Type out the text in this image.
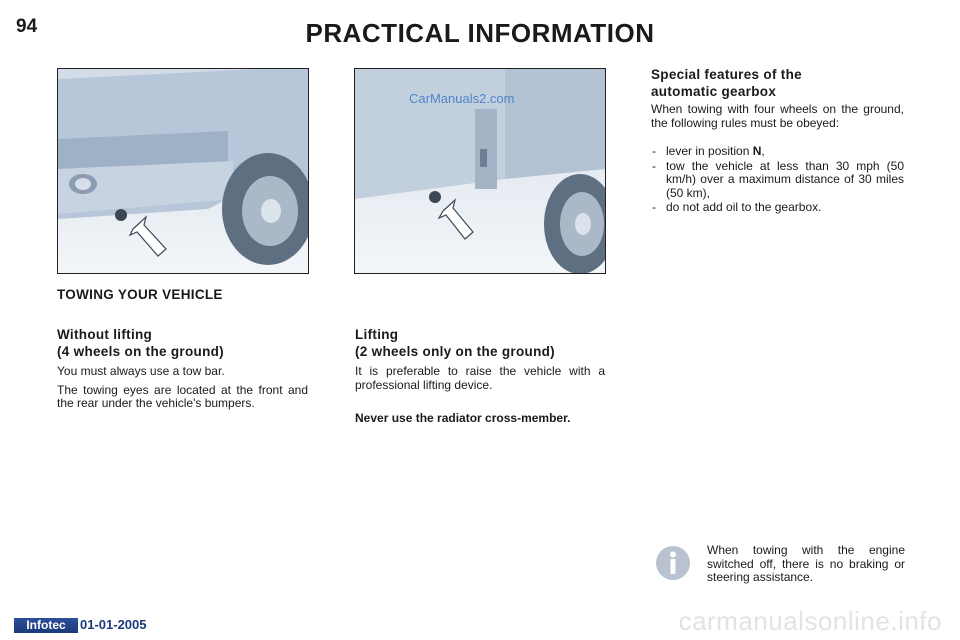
94	PRACTICAL INFORMATION
CarManuals2.com
TOWING YOUR VEHICLE
Without lifting
(4 wheels on the ground)

You must always use a tow bar.

The towing eyes are located at the front and the rear under the vehicle's bumpers.

Lifting
(2 wheels only on the ground)

It is preferable to raise the vehicle with a professional lifting device.

Never use the radiator cross-member.
Special features of the
automatic gearbox
When towing with four wheels on the ground, the following rules must be obeyed:
- lever in position N,
- tow the vehicle at less than 30 mph (50 km/h) over a maximum distance of 30 miles (50 km),
- do not add oil to the gearbox.
When towing with the engine switched off, there is no braking or steering assistance.
Infotec	01-01-2005	carmanualsonline.info
